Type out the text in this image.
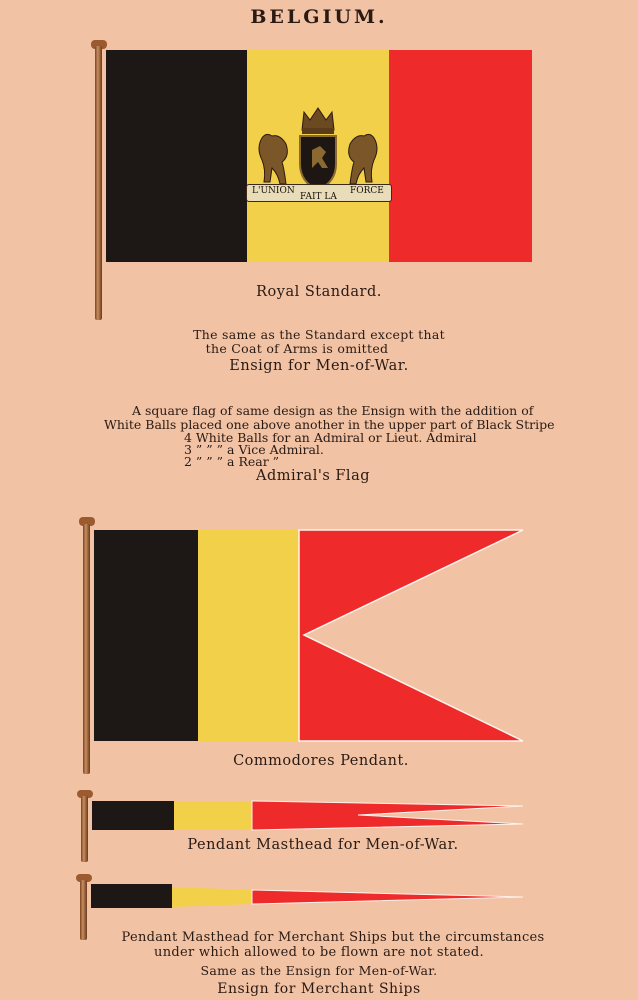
BELGIUM.
L'UNION
FAIT LA
FORCE
Royal Standard.
The same as the Standard except that
the Coat of Arms is omitted
Ensign for Men-of-War.
A square flag of same design as the Ensign with the addition of
White Balls placed one above another in the upper part of Black Stripe
4 White Balls for an Admiral or Lieut. Admiral
3 ” ” ” a Vice Admiral.
2 ” ” ” a Rear ”
Admiral's Flag
Commodores Pendant.
Pendant Masthead for Men-of-War.
Pendant Masthead for Merchant Ships but the circumstances
under which allowed to be flown are not stated.
Same as the Ensign for Men-of-War.
Ensign for Merchant Ships
